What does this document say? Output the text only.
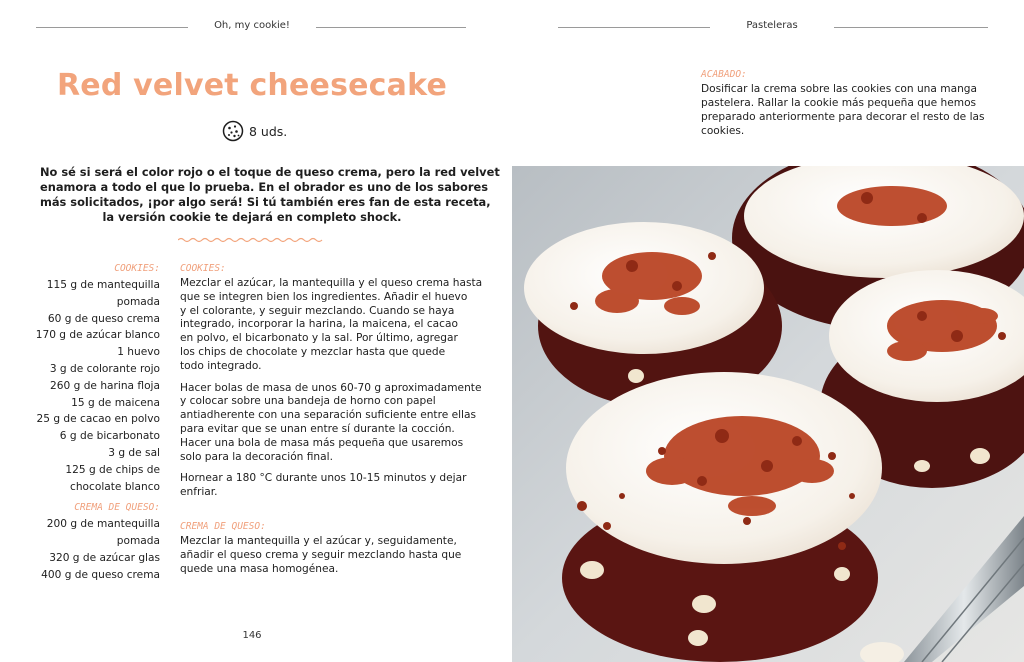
Oh, my cookie!
Red velvet cheesecake
8 uds.
No sé si será el color rojo o el toque de queso crema, pero la red velvet
enamora a todo el que lo prueba. En el obrador es uno de los sabores
más solicitados, ¡por algo será! Si tú también eres fan de esta receta,
la versión cookie te dejará en completo shock.
COOKIES:
115 g de mantequilla
pomada
60 g de queso crema
170 g de azúcar blanco
1 huevo
3 g de colorante rojo
260 g de harina floja
15 g de maicena
25 g de cacao en polvo
6 g de bicarbonato
3 g de sal
125 g de chips de
chocolate blanco
CREMA DE QUESO:
200 g de mantequilla
pomada
320 g de azúcar glas
400 g de queso crema
COOKIES:
Mezclar el azúcar, la mantequilla y el queso crema hasta
que se integren bien los ingredientes. Añadir el huevo
y el colorante, y seguir mezclando. Cuando se haya
integrado, incorporar la harina, la maicena, el cacao
en polvo, el bicarbonato y la sal. Por último, agregar
los chips de chocolate y mezclar hasta que quede
todo integrado.
Hacer bolas de masa de unos 60-70 g aproximadamente
y colocar sobre una bandeja de horno con papel
antiadherente con una separación suficiente entre ellas
para evitar que se unan entre sí durante la cocción.
Hacer una bola de masa más pequeña que usaremos
solo para la decoración final.
Hornear a 180 °C durante unos 10-15 minutos y dejar
enfriar.
CREMA DE QUESO:
Mezclar la mantequilla y el azúcar y, seguidamente,
añadir el queso crema y seguir mezclando hasta que
quede una masa homogénea.
146
Pasteleras
ACABADO:
Dosificar la crema sobre las cookies con una manga
pastelera. Rallar la cookie más pequeña que hemos
preparado anteriormente para decorar el resto de las
cookies.
